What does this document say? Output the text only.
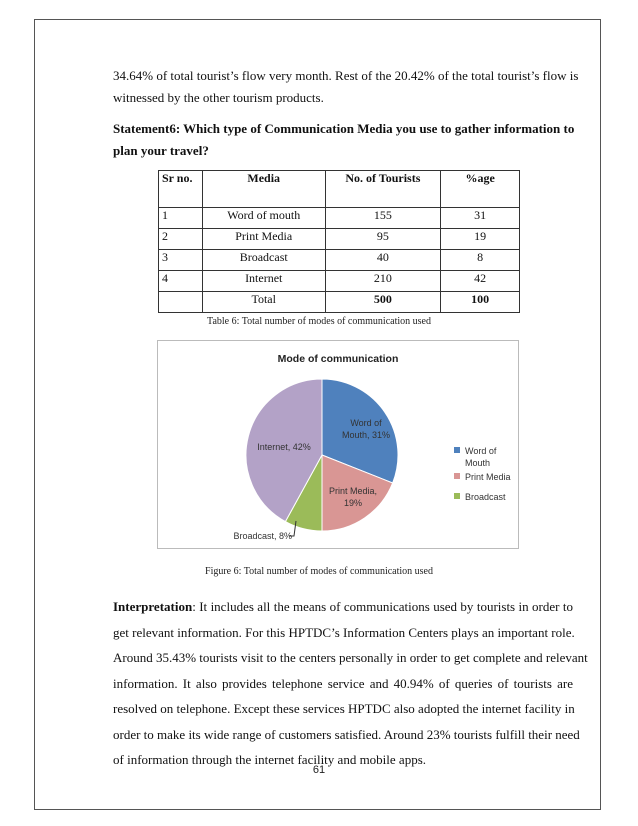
34.64% of total tourist’s flow very month. Rest of the 20.42% of the total tourist’s flow is
witnessed by the other tourism products.
Statement6: Which type of Communication Media you use to gather information to
plan your travel?
Sr no.	Media	No. of Tourists	%age
1	Word of mouth	155	31
2	Print Media	95	19
3	Broadcast	40	8
4	Internet	210	42
	Total	500	100
Table 6: Total number of modes of communication used
Mode of communication
Word of Mouth, 31%
Print Media, 19%
Broadcast, 8%
Internet, 42%	Word of Mouth
Print Media
Broadcast
Figure 6: Total number of modes of communication used
Interpretation: It includes all the means of communications used by tourists in order to
get relevant information. For this HPTDC’s Information Centers plays an important role.
Around 35.43% tourists visit to the centers personally in order to get complete and relevant
information. It also provides telephone service and 40.94% of queries of tourists are
resolved on telephone. Except these services HPTDC also adopted the internet facility in
order to make its wide range of customers satisfied. Around 23% tourists fulfill their need
of information through the internet facility and mobile apps.
61
